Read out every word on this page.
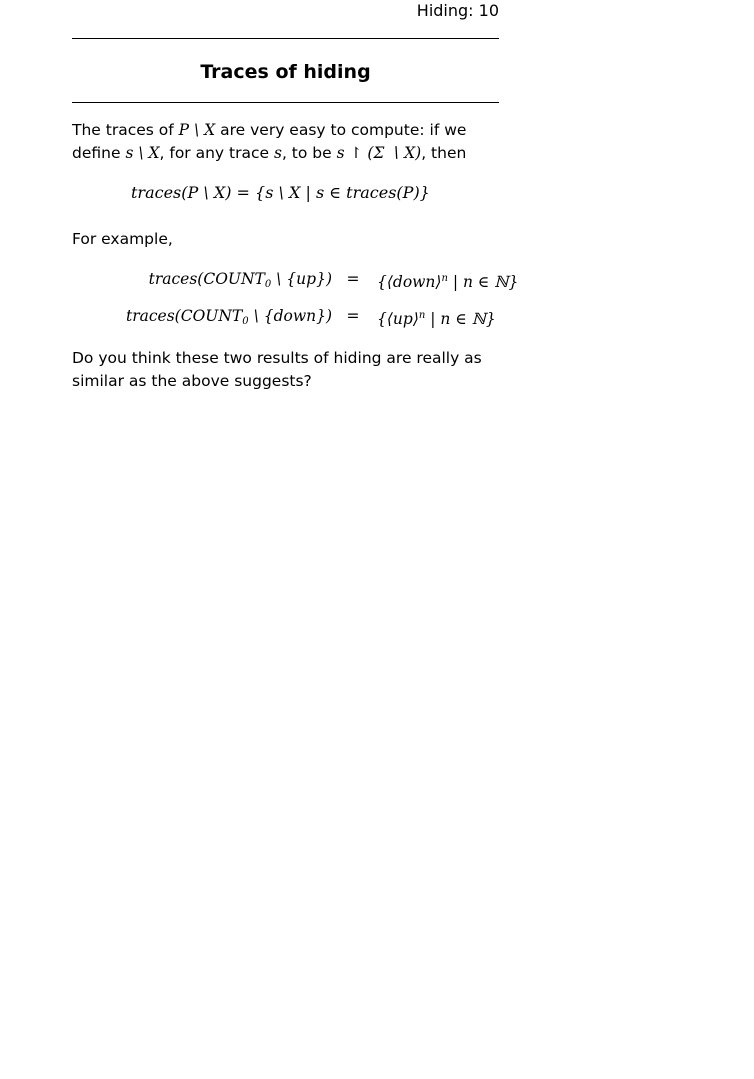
Hiding: 10
Traces of hiding
The traces of P \ X are very easy to compute: if we define s \ X, for any trace s, to be s ↾ (Σ ∖ X), then
traces(P \ X) = {s \ X | s ∈ traces(P)}
For example,
$traces(COUNT_0$ \ {up}) = {⟨down⟩$^n$ | n ∈ ℕ}
$traces(COUNT_0$ \ {down}) = {⟨up⟩$^n$ | n ∈ ℕ}
Do you think these two results of hiding are really as similar as the above suggests?
